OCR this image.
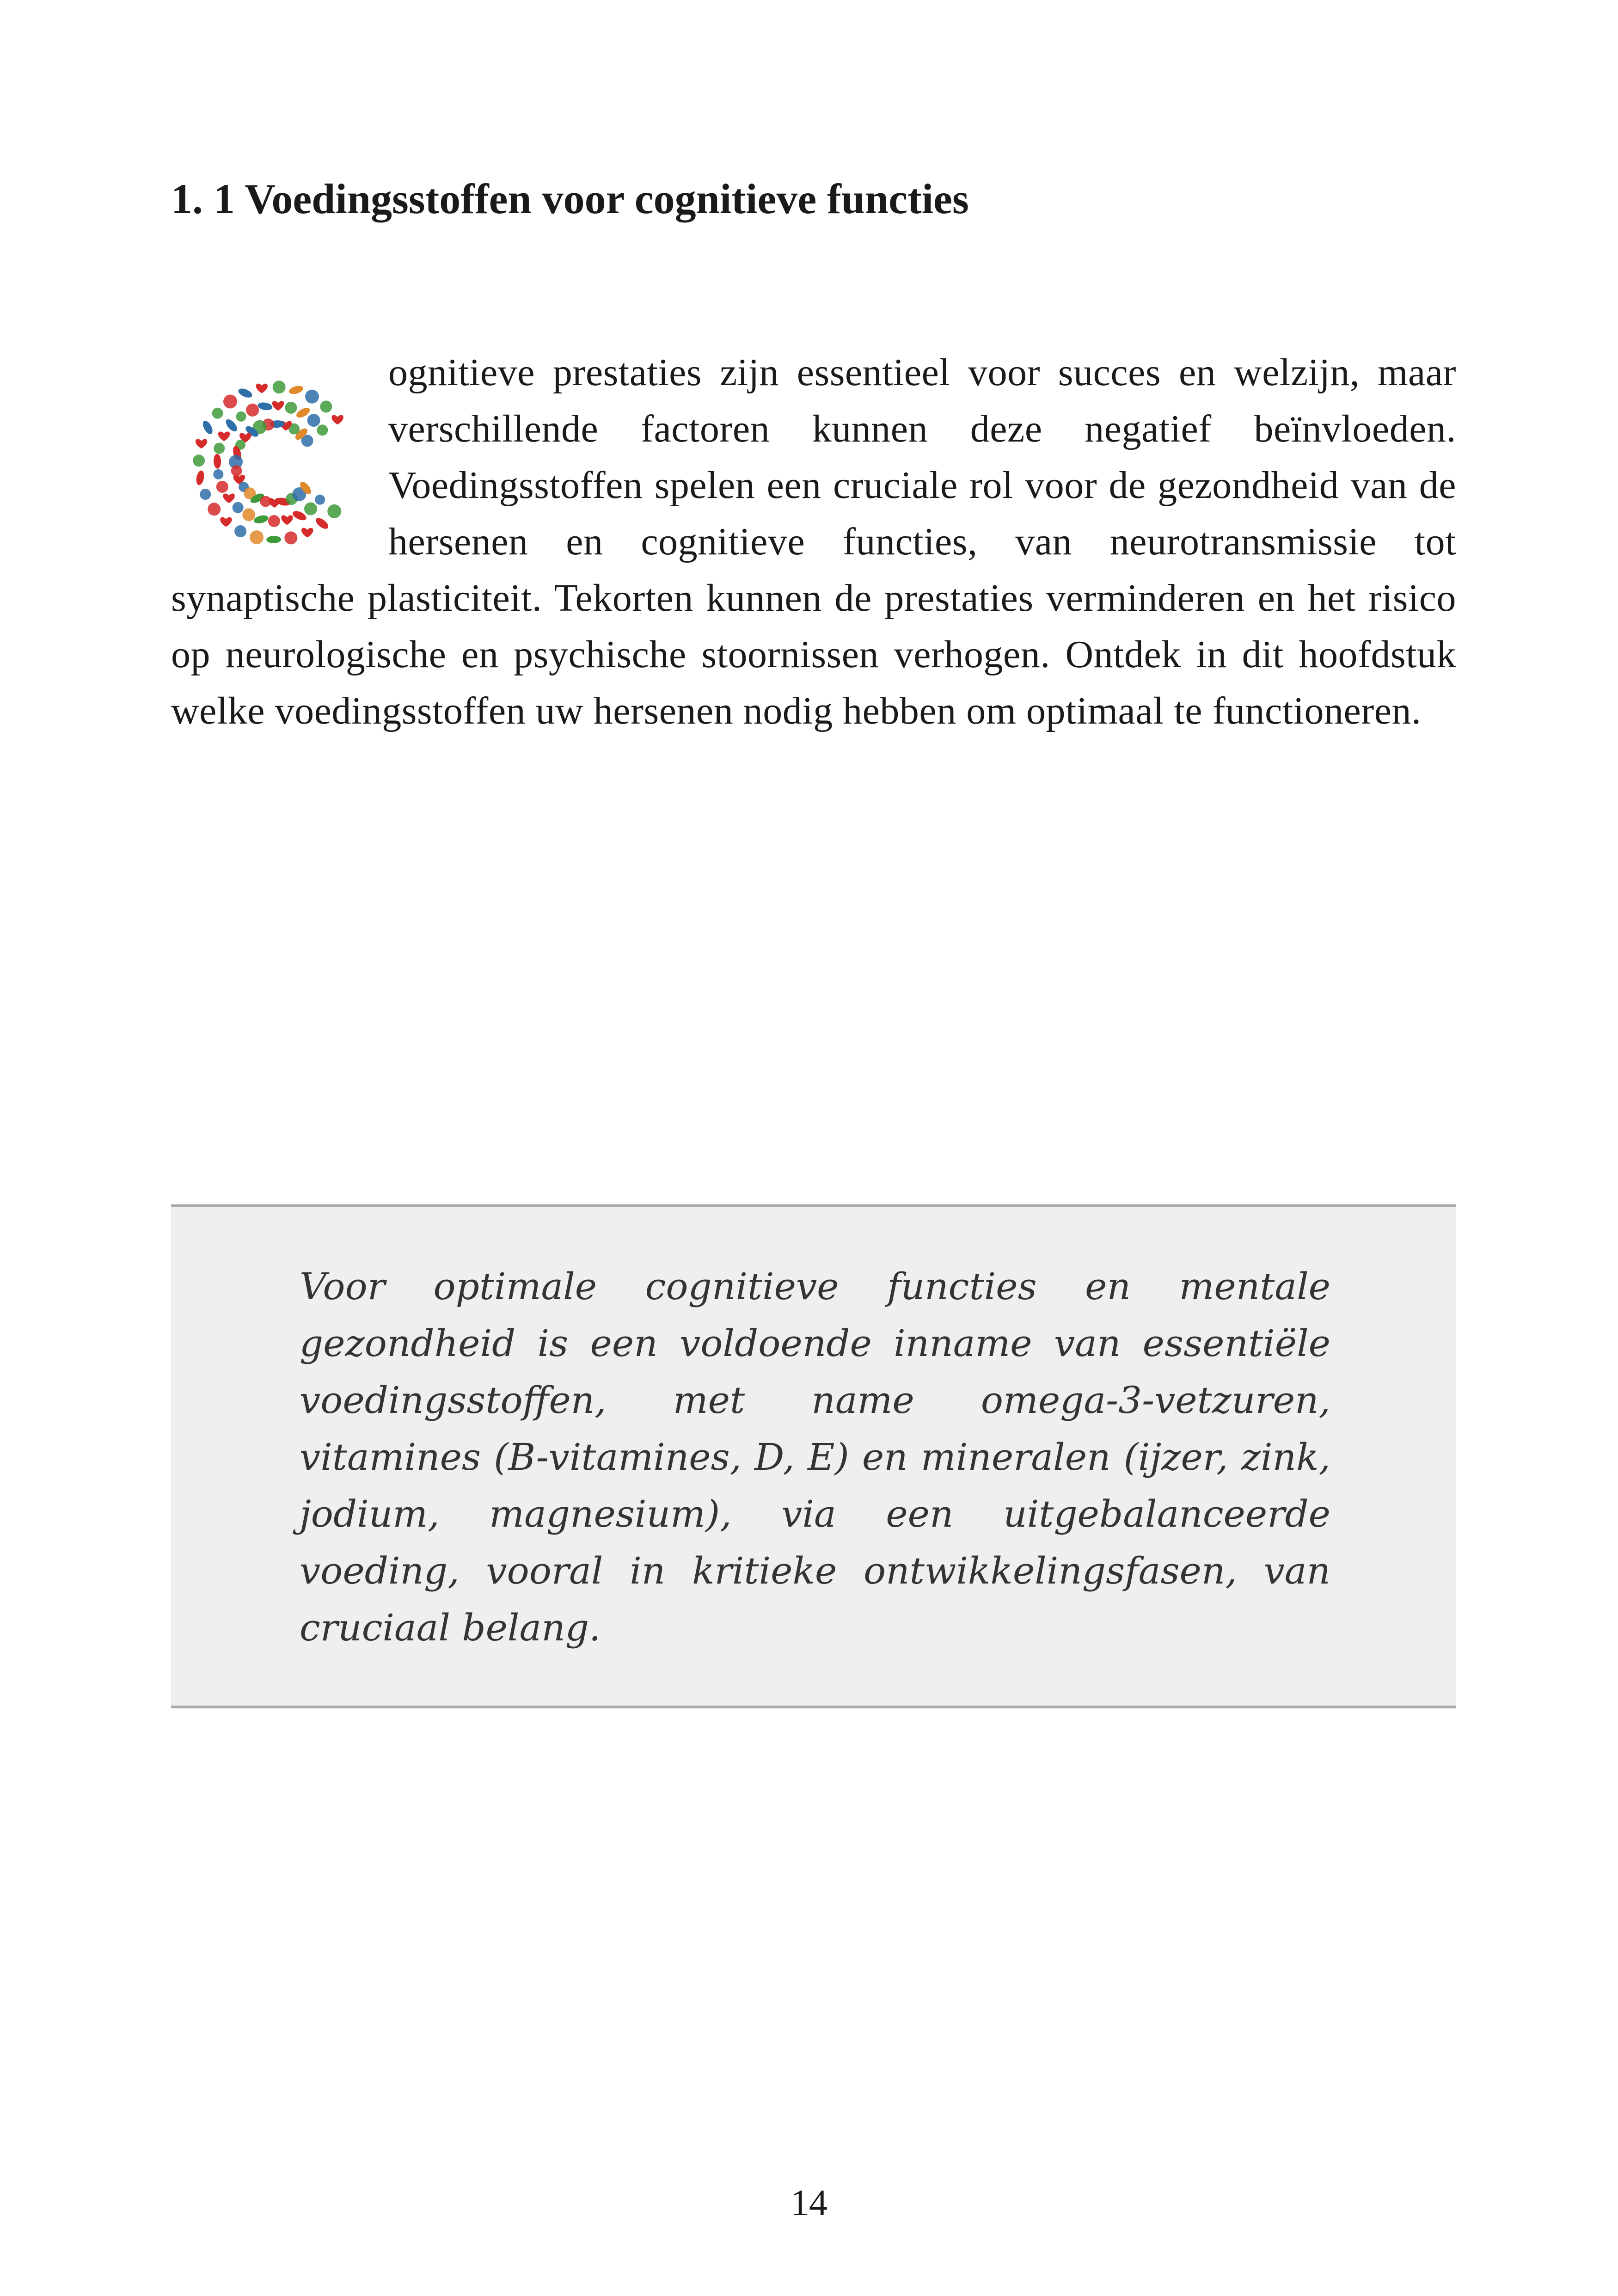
1. 1 Voedingsstoffen voor cognitieve functies

ognitieve prestaties zijn essentieel voor succes en welzijn, maar verschillende factoren kunnen deze negatief beïnvloeden. Voedingsstoffen spelen een cruciale rol voor de gezondheid van de hersenen en cognitieve functies, van neurotransmissie tot synaptische plasticiteit. Tekorten kunnen de prestaties verminderen en het risico op neurologische en psychische stoornissen verhogen. Ontdek in dit hoofdstuk welke voedingsstoffen uw hersenen nodig hebben om optimaal te functioneren.

Voor optimale cognitieve functies en mentale gezondheid is een voldoende inname van essentiële voedingsstoffen, met name omega-3-vetzuren, vitamines (B-vitamines, D, E) en mineralen (ijzer, zink, jodium, magnesium), via een uitgebalanceerde voeding, vooral in kritieke ontwikkelingsfasen, van cruciaal belang.

14
